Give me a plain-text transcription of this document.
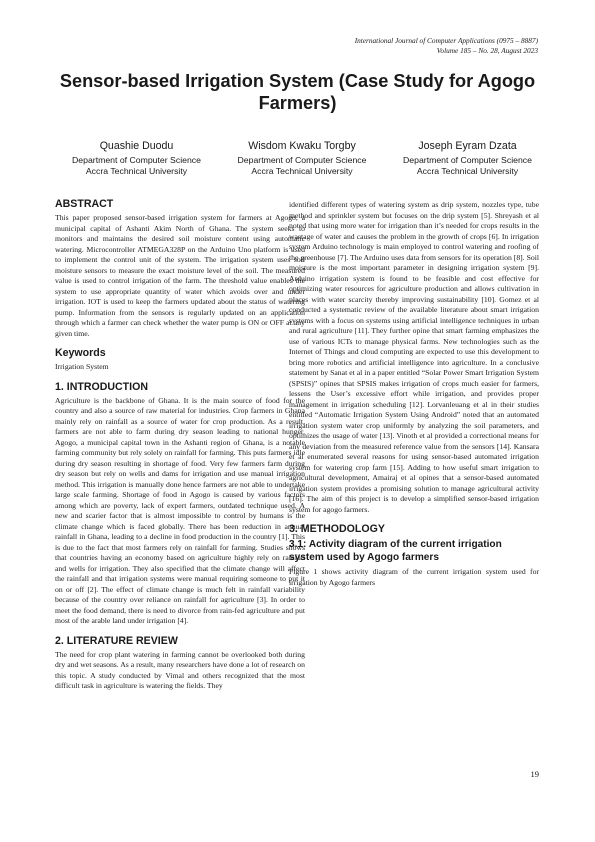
International Journal of Computer Applications (0975 – 8887)
Volume 185 – No. 28, August 2023
Sensor-based Irrigation System (Case Study for Agogo Farmers)
Quashie Duodu
Department of Computer Science
Accra Technical University
Wisdom Kwaku Torgby
Department of Computer Science
Accra Technical University
Joseph Eyram Dzata
Department of Computer Science
Accra Technical University
ABSTRACT

This paper proposed sensor-based irrigation system for farmers at Agogo, a municipal capital of Ashanti Akim North of Ghana. The system seeks to monitors and maintains the desired soil moisture content using automatic watering. Microcontroller ATMEGA328P on the Arduino Uno platform is used to implement the control unit of the system. The irrigation system uses soil moisture sensors to measure the exact moisture level of the soil. The measured value is used to control irrigation of the farm. The threshold value enables the system to use appropriate quantity of water which avoids over and under irrigation. IOT is used to keep the farmers updated about the status of watering pump. Information from the sensors is regularly updated on an application through which a farmer can check whether the water pump is ON or OFF at any given time.

Keywords

Irrigation System

1. INTRODUCTION

Agriculture is the backbone of Ghana. It is the main source of food for the country and also a source of raw material for industries. Crop farmers in Ghana mainly rely on rainfall as a source of water for crop production. As a result, farmers are not able to farm during dry season leading to national hunger. Agogo, a municipal capital town in the Ashanti region of Ghana, is a notable farming community but rely solely on rainfall for farming. This puts farmers idle during dry season resulting in shortage of food. Very few farmers farm during dry season but rely on wells and dams for irrigation and use manual irrigation method. This irrigation is manually done hence farmers are not able to undertake large scale farming. Shortage of food in Agogo is caused by various factors among which are poverty, lack of expert farmers, outdated technique used. A new and scarier factor that is almost impossible to control by humans is the climate change which is faced globally. There has been reduction in annual rainfall in Ghana, leading to a decline in food production in the country [1]. This is due to the fact that most farmers rely on rainfall for farming. Studies shows that countries having an economy based on agriculture highly rely on rainfall and wells for irrigation. They also specified that the climate change will affect the rainfall and that irrigation systems were manual requiring someone to put it on or off [2]. The effect of climate change is much felt in rainfall variability because of the country over reliance on rainfall for agriculture [3]. In order to meet the food demand, there is need to divorce from rain-fed agriculture and put most of the arable land under irrigation [4].

2. LITERATURE REVIEW

The need for crop plant watering in farming cannot be overlooked both during dry and wet seasons. As a result, many researchers have done a lot of research on this topic. A study conducted by Vimal and others recognized that the most difficult task in agriculture is watering the fields. They

identified different types of watering system as drip system, nozzles type, tube method and sprinkler system but focuses on the drip system [5]. Shreyash et al noted that using more water for irrigation than it’s needed for crops results in the wastage of water and causes the problem in the growth of crops [6]. In irrigation system Arduino technology is main employed to control watering and roofing of the greenhouse [7]. The Arduino uses data from sensors for its operation [8]. Soil moisture is the most important parameter in designing irrigation system [9]. Arduino irrigation system is found to be feasible and cost effective for optimizing water resources for agriculture production and allows cultivation in places with water scarcity thereby improving sustainability [10]. Gomez et al conducted a systematic review of the available literature about smart irrigation systems with a focus on systems using artificial intelligence techniques in urban and rural agriculture [11]. They further opine that smart farming emphasizes the use of various ICTs to manage physical farms. New technologies such as the Internet of Things and cloud computing are expected to use this development to bring more robotics and artificial intelligence into agriculture. In a conclusive statement by Sanat et al in a paper entitled “Solar Power Smart Irrigation System (SPSIS)” opines that SPSIS makes irrigation of crops much easier for farmers, lessens the User’s excessive effort while irrigation, and provides proper management in irrigation scheduling [12]. Lorvanleuang et al in their studies entitled “Automatic Irrigation System Using Android” noted that an automated irrigation system water crop uniformly by analyzing the soil parameters, and optimizes the usage of water [13]. Vinoth et al provided a correctional means for any deviation from the measured reference value from the sensors [14]. Kansara et al enumerated several reasons for using sensor-based automated irrigation system for watering crop farm [15]. Adding to how useful smart irrigation to agricultural development, Amairaj et al opines that a sensor-based automated irrigation system provides a promising solution to manage agricultural activity [16]. The aim of this project is to develop a simplified sensor-based irrigation system for agogo farmers.

3. METHODOLOGY
3.1: Activity diagram of the current irrigation system used by Agogo farmers

Figure 1 shows activity diagram of the current irrigation system used for irrigation by Agogo farmers

19
